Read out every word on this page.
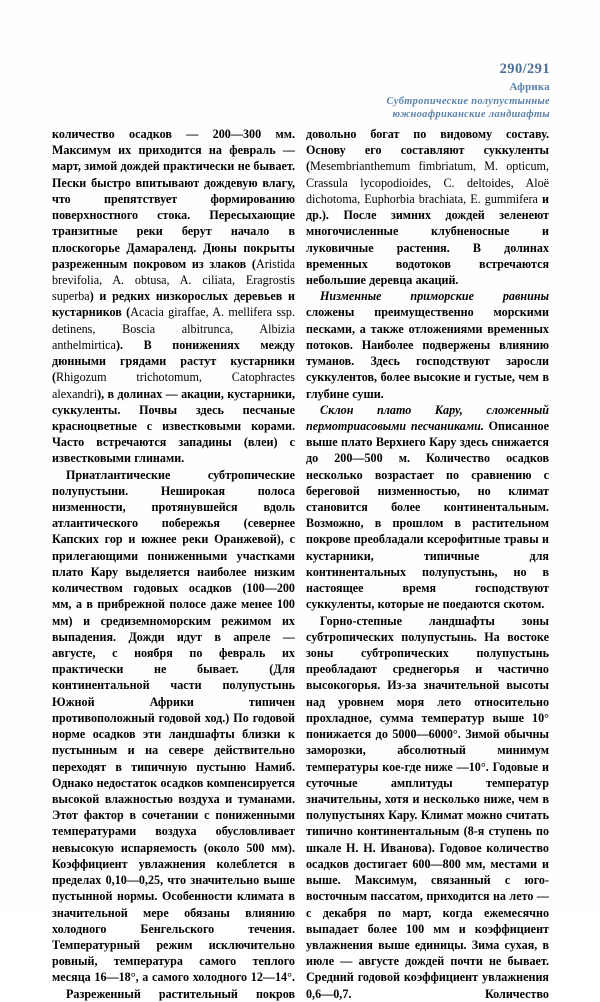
290/291
Африка
Субтропические полупустынные
южноафриканские ландшафты

количество осадков — 200—300 мм. Максимум их приходится на февраль — март, зимой дождей практически не бывает. Пески быстро впитывают дождевую влагу, что препятствует формированию поверхностного стока. Пересыхающие транзитные реки берут начало в плоскогорье Дамараленд. Дюны покрыты разреженным покровом из злаков (Aristida brevifolia, A. obtusa, A. ciliata, Eragrostis superba) и редких низкорослых деревьев и кустарников (Acacia giraffae, A. mellifera ssp. detinens, Boscia albitrunca, Albizia anthelmirtica). В понижениях между дюнными грядами растут кустарники (Rhigozum trichotomum, Catophractes alexandri), в долинах — акации, кустарники, суккуленты. Почвы здесь песчаные красноцветные с известковыми корами. Часто встречаются западины (влеи) с известковыми глинами.

Приатлантические субтропические полупустыни. Неширокая полоса низменности, протянувшейся вдоль атлантического побережья (севернее Капских гор и южнее реки Оранжевой), с прилегающими пониженными участками плато Кару выделяется наиболее низким количеством годовых осадков (100—200 мм, а в прибрежной полосе даже менее 100 мм) и средиземноморским режимом их выпадения. Дожди идут в апреле — августе, с ноября по февраль их практически не бывает. (Для континентальной части полупустынь Южной Африки типичен противоположный годовой ход.) По годовой норме осадков эти ландшафты близки к пустынным и на севере действительно переходят в типичную пустыню Намиб. Однако недостаток осадков компенсируется высокой влажностью воздуха и туманами. Этот фактор в сочетании с пониженными температурами воздуха обусловливает невысокую испаряемость (около 500 мм). Коэффициент увлажнения колеблется в пределах 0,10—0,25, что значительно выше пустынной нормы. Особенности климата в значительной мере обязаны влиянию холодного Бенгельского течения. Температурный режим исключительно ровный, температура самого теплого месяца 16—18°, а самого холодного 12—14°.

Разреженный растительный покров

довольно богат по видовому составу. Основу его составляют суккуленты (Mesembrianthemum fimbriatum, M. opticum, Crassula lycopodioides, C. deltoides, Aloë dichotoma, Euphorbia brachiata, E. gummifera и др.). После зимних дождей зеленеют многочисленные клубненосные и луковичные растения. В долинах временных водотоков встречаются небольшие деревца акаций.

Низменные приморские равнины сложены преимущественно морскими песками, а также отложениями временных потоков. Наиболее подвержены влиянию туманов. Здесь господствуют заросли суккулентов, более высокие и густые, чем в глубине суши.

Склон плато Кару, сложенный пермотриасовыми песчаниками. Описанное выше плато Верхнего Кару здесь снижается до 200—500 м. Количество осадков несколько возрастает по сравнению с береговой низменностью, но климат становится более континентальным. Возможно, в прошлом в растительном покрове преобладали ксерофитные травы и кустарники, типичные для континентальных полупустынь, но в настоящее время господствуют суккуленты, которые не поедаются скотом.

Горно-степные ландшафты зоны субтропических полупустынь. На востоке зоны субтропических полупустынь преобладают среднегорья и частично высокогорья. Из-за значительной высоты над уровнем моря лето относительно прохладное, сумма температур выше 10° понижается до 5000—6000°. Зимой обычны заморозки, абсолютный минимум температуры кое-где ниже —10°. Годовые и суточные амплитуды температур значительны, хотя и несколько ниже, чем в полупустынях Кару. Климат можно считать типично континентальным (8-я ступень по шкале Н. Н. Иванова). Годовое количество осадков достигает 600—800 мм, местами и выше. Максимум, связанный с юго-восточным пассатом, приходится на лето — с декабря по март, когда ежемесячно выпадает более 100 мм и коэффициент увлажнения выше единицы. Зима сухая, в июле — августе дождей почти не бывает. Средний годовой коэффициент увлажнения 0,6—0,7. Количество
